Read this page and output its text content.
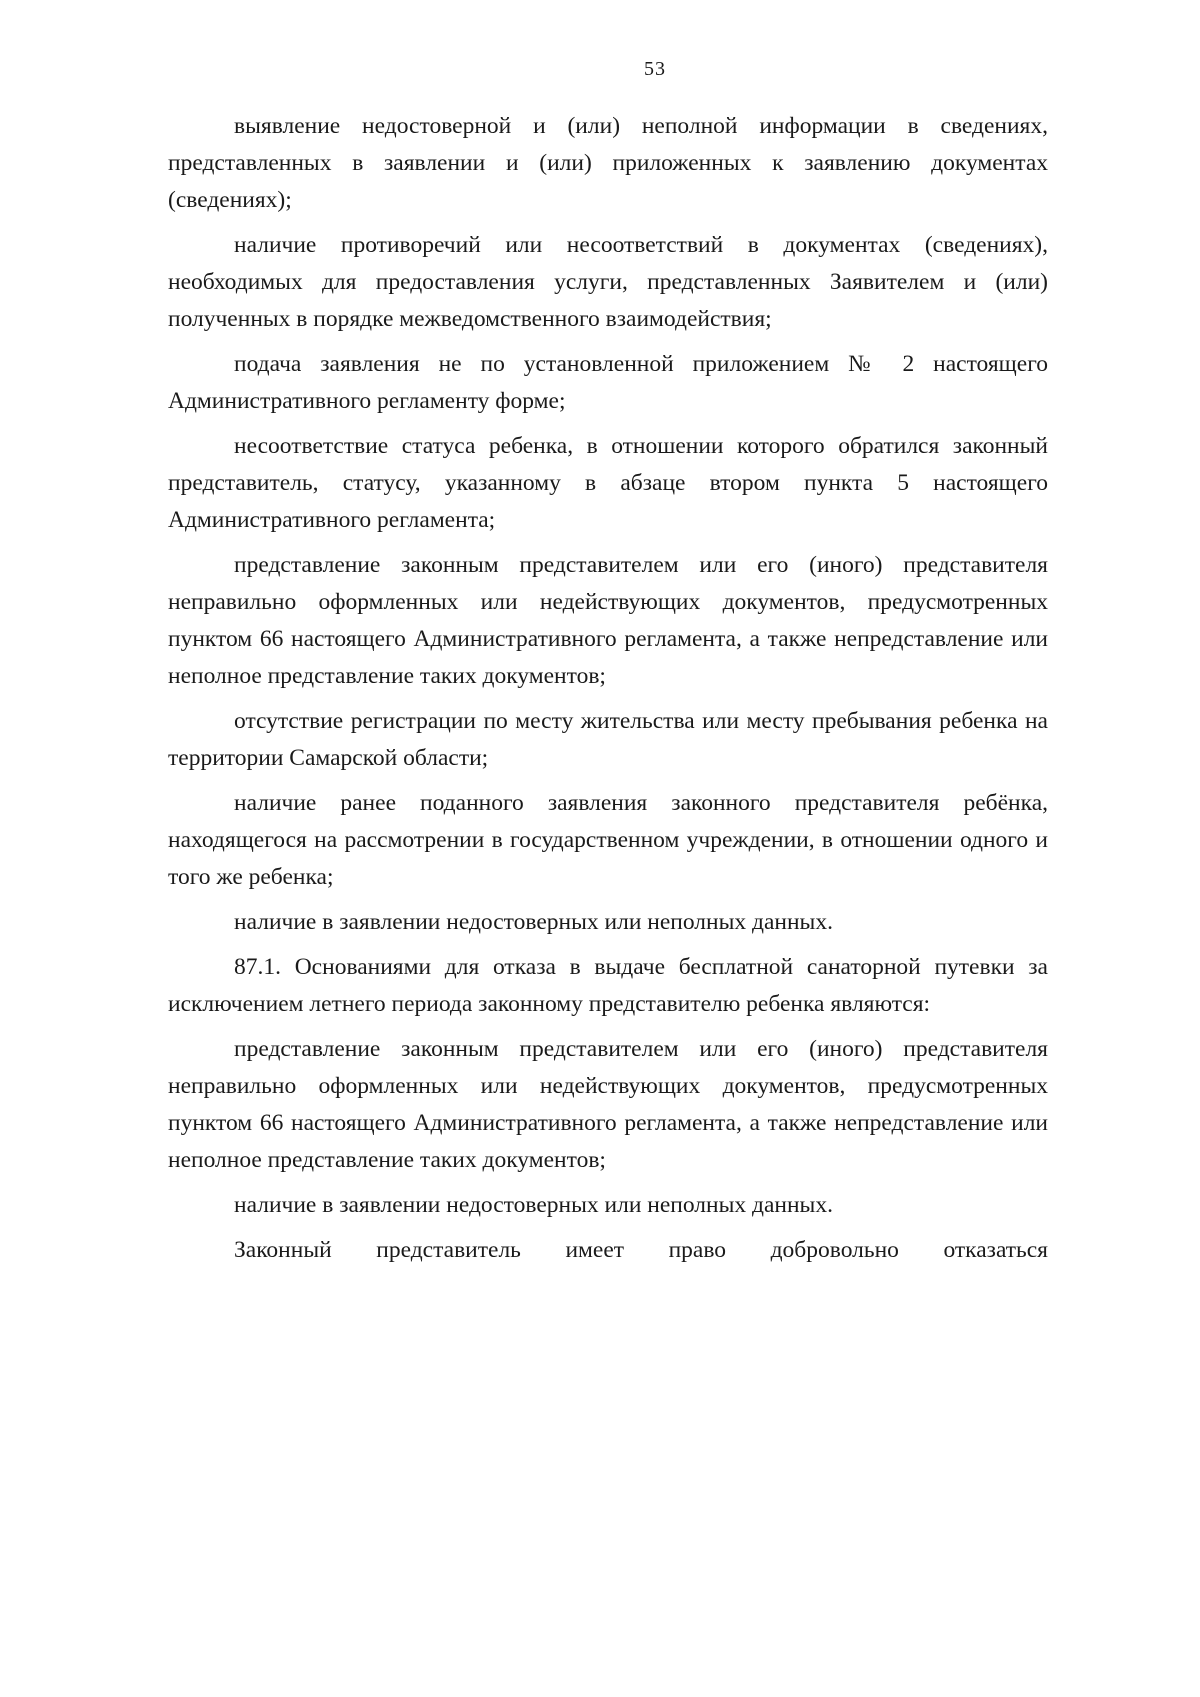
53

выявление недостоверной и (или) неполной информации в сведениях, представленных в заявлении и (или) приложенных к заявлению документах (сведениях);

наличие противоречий или несоответствий в документах (сведениях), необходимых для предоставления услуги, представленных Заявителем и (или) полученных в порядке межведомственного взаимодействия;

подача заявления не по установленной приложением № 2 настоящего Административного регламенту форме;

несоответствие статуса ребенка, в отношении которого обратился законный представитель, статусу, указанному в абзаце втором пункта 5 настоящего Административного регламента;

представление законным представителем или его (иного) представителя неправильно оформленных или недействующих документов, предусмотренных пунктом 66 настоящего Административного регламента, а также непредставление или неполное представление таких документов;

отсутствие регистрации по месту жительства или месту пребывания ребенка на территории Самарской области;

наличие ранее поданного заявления законного представителя ребёнка, находящегося на рассмотрении в государственном учреждении, в отношении одного и того же ребенка;

наличие в заявлении недостоверных или неполных данных.

87.1. Основаниями для отказа в выдаче бесплатной санаторной путевки за исключением летнего периода законному представителю ребенка являются:

представление законным представителем или его (иного) представителя неправильно оформленных или недействующих документов, предусмотренных пунктом 66 настоящего Административного регламента, а также непредставление или неполное представление таких документов;

наличие в заявлении недостоверных или неполных данных.

Законный представитель имеет право добровольно отказаться
